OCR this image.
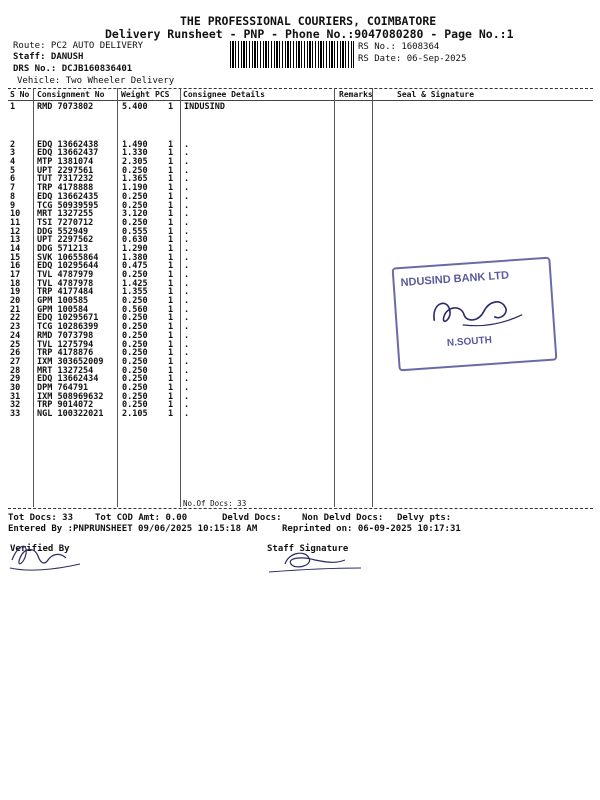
THE PROFESSIONAL COURIERS, COIMBATORE
Delivery Runsheet - PNP - Phone No.:9047080280 - Page No.:1
Route: PC2 AUTO DELIVERY
Staff: DANUSH
DRS No.: DCJB160836401
Vehicle: Two Wheeler Delivery
RS No.: 1608364
RS Date: 06-Sep-2025
S No Consignment No Weight PCS Consignee Details	Remarks	Seal & Signature
1	RMD 7073802	5.400 1 INDUSIND
2	EDQ 13662438	1.490 1 .
3	EDQ 13662437	1.330 1 .
4	MTP 1381074	2.305 1 .
5	UPT 2297561	0.250 1 .
6	TUT 7317232	1.365 1 .
7	TRP 4178888	1.190 1 .
8	EDQ 13662435	0.250 1 .
9	TCG 50939595	0.250 1 .
10 MRT 1327255	3.120 1 .
11 TSI 7270712	0.250 1 .
12 DDG 552949	0.555 1 .
13 UPT 2297562	0.630 1 .
14 DDG 571213	1.290 1 .
15 SVK 10655864	1.380 1 .
16 EDQ 10295644	0.475 1 .
17 TVL 4787979	0.250 1 .
18 TVL 4787978	1.425 1 .
19 TRP 4177484	1.355 1 .
20 GPM 100585	0.250 1 .
21 GPM 100584	0.560 1 .
22 EDQ 10295671	0.250 1 .
23 TCG 10286399	0.250 1 .
24 RMD 7073798	0.250 1 .
25 TVL 1275794	0.250 1 .
26 TRP 4178876	0.250 1 .
27 IXM 303652009 0.250 1 .
28 MRT 1327254	0.250 1 .
29 EDQ 13662434	0.250 1 .
30 DPM 764791	0.250 1 .
31 IXM 508969632 0.250 1 .
32 TRP 9014072	0.250 1 .
33 NGL 100322021 2.105 1 .
No.Of Docs: 33
Tot Docs: 33 Tot COD Amt: 0.00	Delvd Docs: Non Delvd Docs: Delvy pts:
Entered By :PNPRUNSHEET 09/06/2025 10:15:18 AM	Reprinted on: 06-09-2025 10:17:31
Verified By	Staff Signature
NDUSIND BANK LTD
N.SOUTH
